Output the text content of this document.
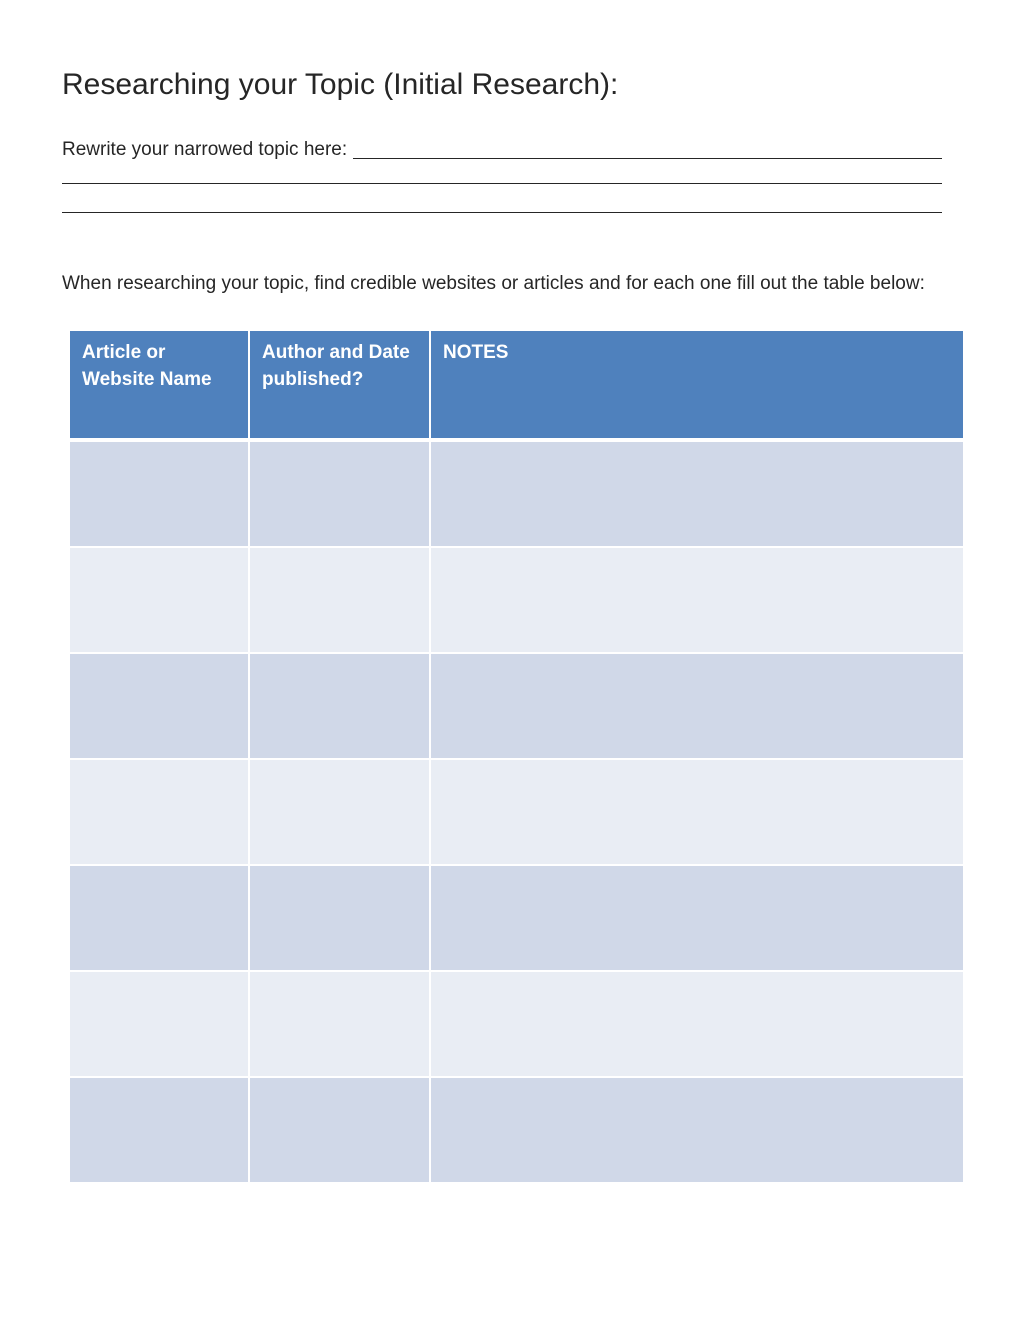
Researching your Topic (Initial Research):
Rewrite your narrowed topic here:

When researching your topic, find credible websites or articles and for each one fill out the table below:

Article or Website Name	Author and Date published?	NOTES
